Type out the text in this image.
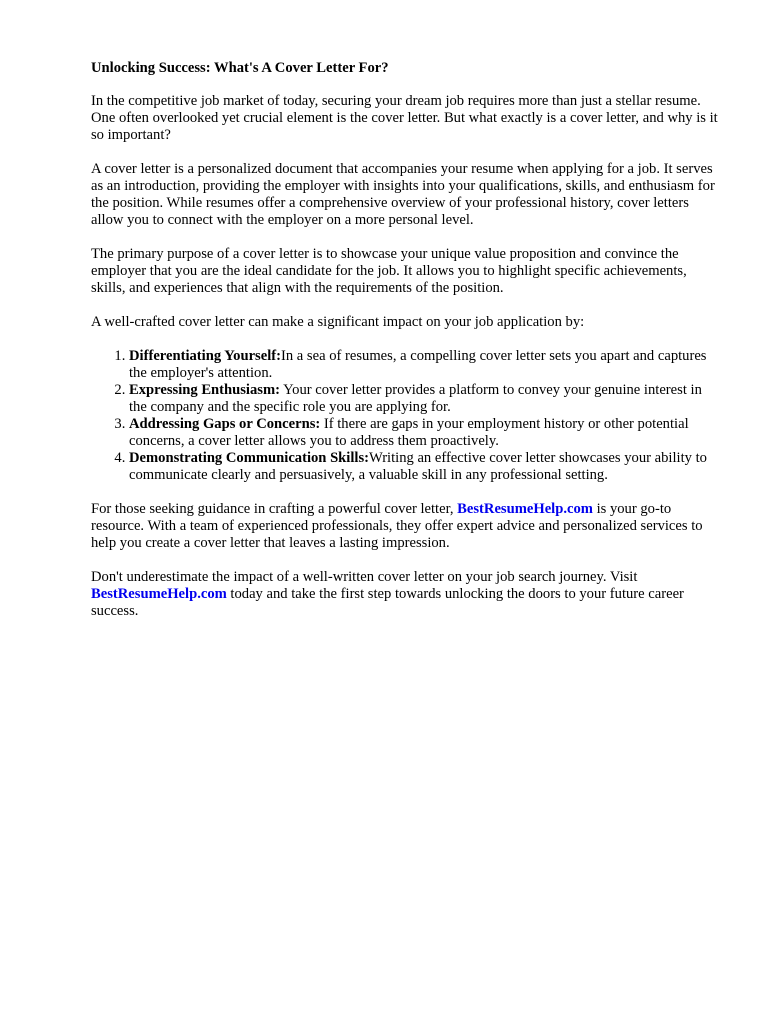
Unlocking Success: What's A Cover Letter For?

In the competitive job market of today, securing your dream job requires more than just a stellar resume. One often overlooked yet crucial element is the cover letter. But what exactly is a cover letter, and why is it so important?

A cover letter is a personalized document that accompanies your resume when applying for a job. It serves as an introduction, providing the employer with insights into your qualifications, skills, and enthusiasm for the position. While resumes offer a comprehensive overview of your professional history, cover letters allow you to connect with the employer on a more personal level.

The primary purpose of a cover letter is to showcase your unique value proposition and convince the employer that you are the ideal candidate for the job. It allows you to highlight specific achievements, skills, and experiences that align with the requirements of the position.

A well-crafted cover letter can make a significant impact on your job application by:

1. Differentiating Yourself:In a sea of resumes, a compelling cover letter sets you apart and captures the employer's attention.
2. Expressing Enthusiasm: Your cover letter provides a platform to convey your genuine interest in the company and the specific role you are applying for.
3. Addressing Gaps or Concerns: If there are gaps in your employment history or other potential concerns, a cover letter allows you to address them proactively.
4. Demonstrating Communication Skills:Writing an effective cover letter showcases your ability to communicate clearly and persuasively, a valuable skill in any professional setting.

For those seeking guidance in crafting a powerful cover letter, BestResumeHelp.com is your go-to resource. With a team of experienced professionals, they offer expert advice and personalized services to help you create a cover letter that leaves a lasting impression.

Don't underestimate the impact of a well-written cover letter on your job search journey. Visit BestResumeHelp.com today and take the first step towards unlocking the doors to your future career success.
